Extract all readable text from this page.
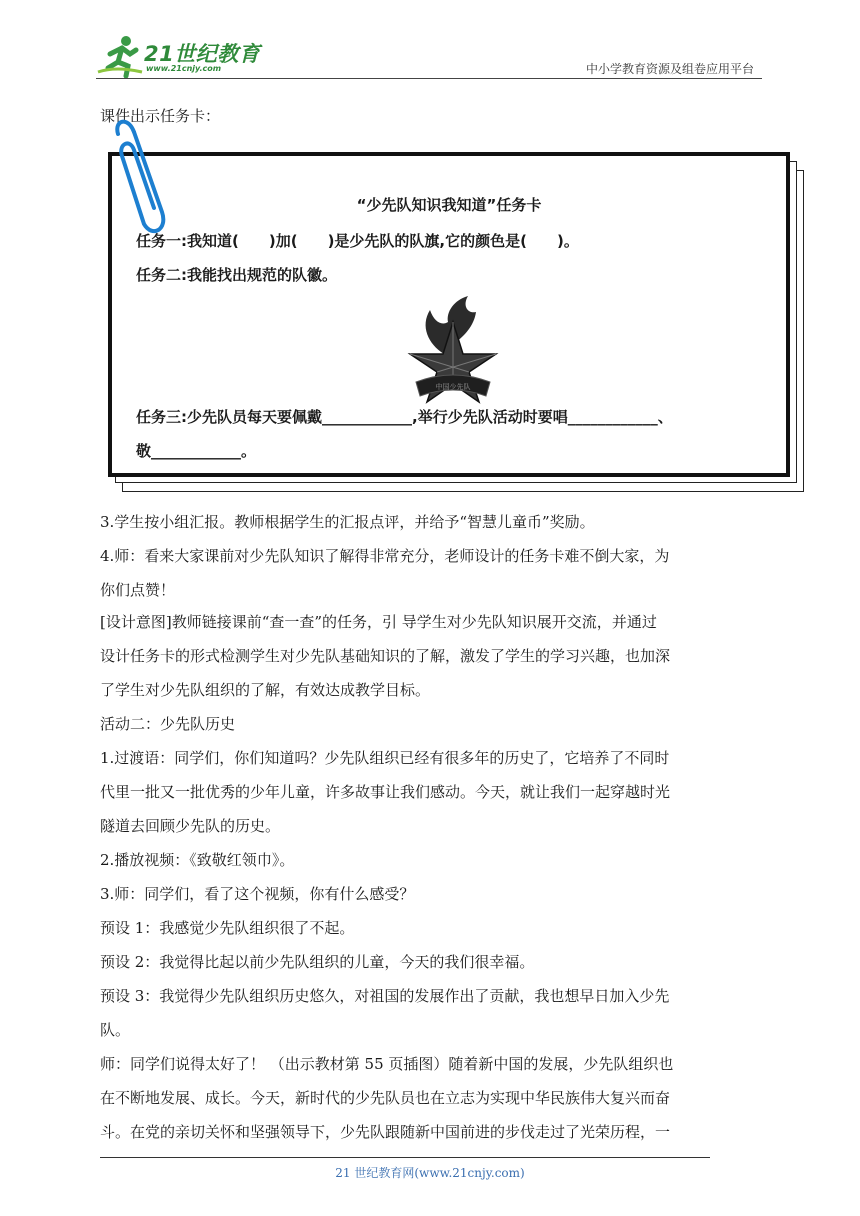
21世纪教育
www.21cnjy.com	中小学教育资源及组卷应用平台
课件出示任务卡：
“少先队知识我知道”任务卡
任务一:我知道(　　)加(　　)是少先队的队旗,它的颜色是(　　)。
任务二:我能找出规范的队徽。
中国少先队
任务三:少先队员每天要佩戴____________,举行少先队活动时要唱____________、
敬____________。
3.学生按小组汇报。教师根据学生的汇报点评，并给予“智慧儿童币”奖励。
4.师：看来大家课前对少先队知识了解得非常充分，老师设计的任务卡难不倒大家，为
你们点赞！
[设计意图]教师链接课前“查一查”的任务，引 导学生对少先队知识展开交流，并通过
设计任务卡的形式检测学生对少先队基础知识的了解，激发了学生的学习兴趣，也加深
了学生对少先队组织的了解，有效达成教学目标。
活动二：少先队历史
1.过渡语：同学们，你们知道吗？少先队组织已经有很多年的历史了，它培养了不同时
代里一批又一批优秀的少年儿童，许多故事让我们感动。今天，就让我们一起穿越时光
隧道去回顾少先队的历史。
2.播放视频：《致敬红领巾》。
3.师：同学们，看了这个视频，你有什么感受？
预设 1：我感觉少先队组织很了不起。
预设 2：我觉得比起以前少先队组织的儿童，今天的我们很幸福。
预设 3：我觉得少先队组织历史悠久，对祖国的发展作出了贡献，我也想早日加入少先
队。
师：同学们说得太好了！ （出示教材第 55 页插图）随着新中国的发展，少先队组织也
在不断地发展、成长。今天，新时代的少先队员也在立志为实现中华民族伟大复兴而奋
斗。在党的亲切关怀和坚强领导下，少先队跟随新中国前进的步伐走过了光荣历程，一
21 世纪教育网(www.21cnjy.com)
